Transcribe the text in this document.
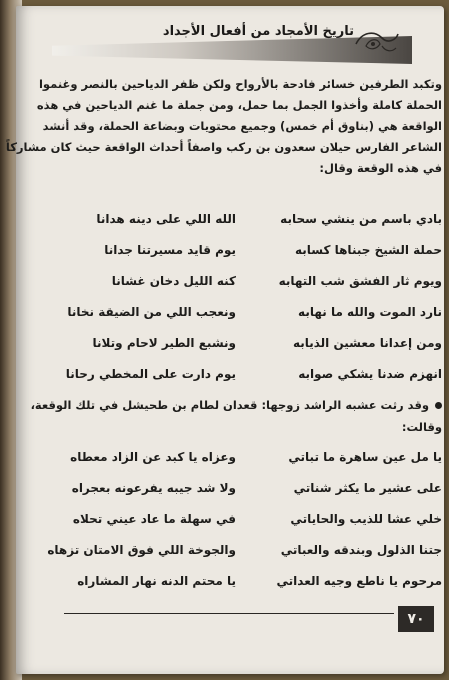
تاريخ الأمجاد من أفعال الأجداد

وتكبد الطرفين خسائر فادحة بالأرواح ولكن ظفر الدياحين بالنصر وغنموا

الحملة كاملة وأخذوا الجمل بما حمل، ومن جملة ما غنم الدياحين في هذه

الواقعة هي (بناوق أم خمس) وجميع محتويات وبضاعة الحملة، وقد أنشد

الشاعر الفارس حيلان سعدون بن ركب واصفاً أحداث الواقعة حيث كان مشاركاً

في هذه الوقعة وقال:

بادي باسم من ينشي سحابه
الله اللي على دينه هدانا
حملة الشيخ جبناها كسابه
يوم قايد مسيرتنا جدانا
ويوم ثار الفشق شب التهابه
كنه الليل دخان غشانا
نارد الموت والله ما نهابه
ونعجب اللي من الضيقة نخانا
ومن إعدانا معشين الذيابه
ونشبع الطير لاحام وتلانا
انهزم ضدنا يشكي صوابه
يوم دارت على المخطي رحانا
وقد رثت عشبه الراشد زوجها: قعدان لطام بن طحيشل في تلك الوقعة،
وقالت:
يا مل عين ساهرة ما تباتي
وعزاه يا كبد عن الزاد معطاه
على عشير ما يكثر شناتي
ولا شد جيبه يفرعونه بعجراه
خلي عشا للذيب والحاياتي
في سهلة ما عاد عيني تحلاه
جتنا الذلول وبندقه والعباتي
والجوخة اللي فوق الامتان تزهاه
مرحوم يا ناطع وجيه العداتي
يا محتم الدنه نهار المشاراه
٧٠
